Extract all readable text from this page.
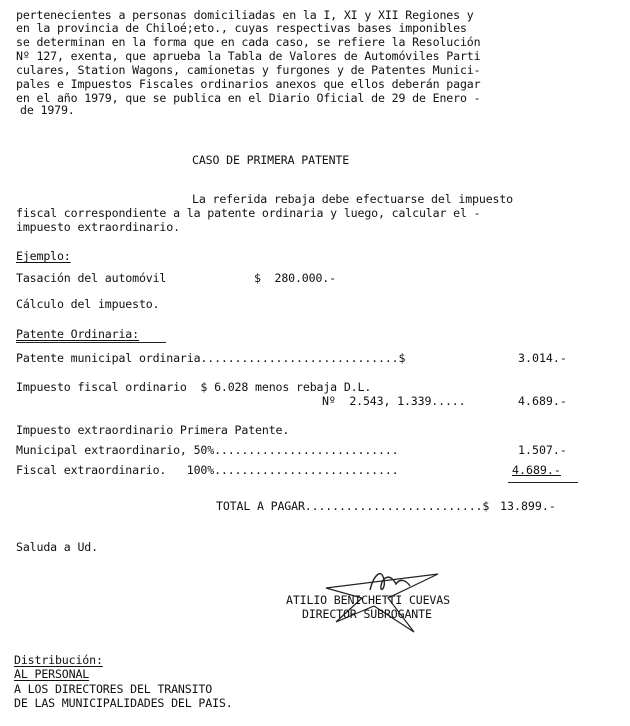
pertenecientes a personas domiciliadas en la I, XI y XII Regiones y
en la provincia de Chiloé;eto., cuyas respectivas bases imponibles
se determinan en la forma que en cada caso, se refiere la Resolución
Nº 127, exenta, que aprueba la Tabla de Valores de Automóviles Parti
culares, Station Wagons, camionetas y furgones y de Patentes Munici-
pales e Impuestos Fiscales ordinarios anexos que ellos deberán pagar
en el año 1979, que se publica en el Diario Oficial de 29 de Enero -
de 1979.
CASO DE PRIMERA PATENTE
La referida rebaja debe efectuarse del impuesto
fiscal correspondiente a la patente ordinaria y luego, calcular el -
impuesto extraordinario.
Ejemplo:
Tasación del automóvil	$  280.000.-
Cálculo del impuesto.
Patente Ordinaria:
Patente municipal ordinaria.............................$	3.014.-
Impuesto fiscal ordinario  $ 6.028 menos rebaja D.L.
Nº  2.543, 1.339.....	4.689.-
Impuesto extraordinario Primera Patente.
Municipal extraordinario, 50%...........................	1.507.-
Fiscal extraordinario.   100%...........................	4.689.-
TOTAL A PAGAR..........................$ 13.899.-
Saluda a Ud.
ATILIO BENICHETTI CUEVAS
DIRECTOR SUBROGANTE
Distribución:
AL PERSONAL
A LOS DIRECTORES DEL TRANSITO
DE LAS MUNICIPALIDADES DEL PAIS.
